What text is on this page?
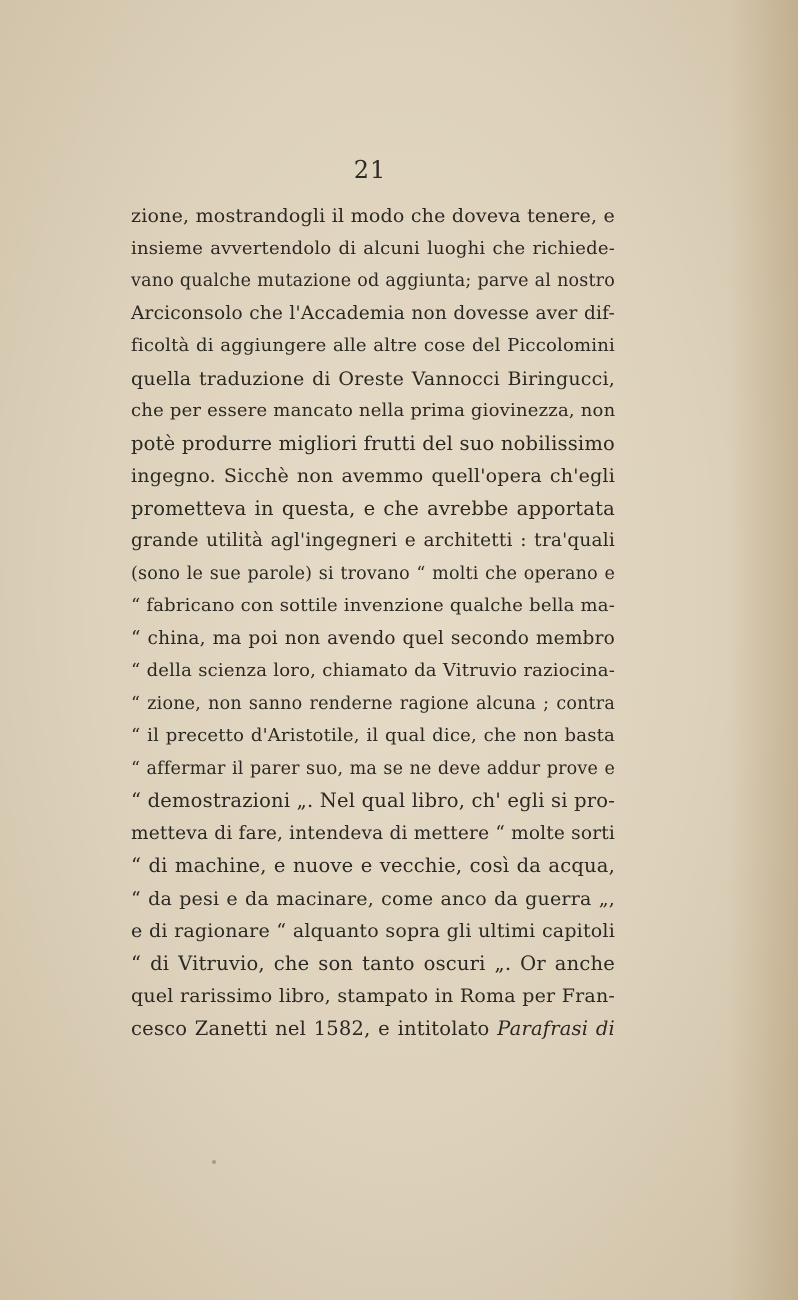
21
zione, mostrandogli il modo che doveva tenere, e
insieme avvertendolo di alcuni luoghi che richiede-
vano qualche mutazione od aggiunta; parve al nostro
Arciconsolo che l'Accademia non dovesse aver dif-
ficoltà di aggiungere alle altre cose del Piccolomini
quella traduzione di Oreste Vannocci Biringucci,
che per essere mancato nella prima giovinezza, non
potè produrre migliori frutti del suo nobilissimo
ingegno. Sicchè non avemmo quell'opera ch'egli
prometteva in questa, e che avrebbe apportata
grande utilità agl'ingegneri e architetti : tra'quali
(sono le sue parole) si trovano “ molti che operano e
“ fabricano con sottile invenzione qualche bella ma-
“ china, ma poi non avendo quel secondo membro
“ della scienza loro, chiamato da Vitruvio raziocina-
“ zione, non sanno renderne ragione alcuna ; contra
“ il precetto d'Aristotile, il qual dice, che non basta
“ affermar il parer suo, ma se ne deve addur prove e
“ demostrazioni „. Nel qual libro, ch' egli si pro-
metteva di fare, intendeva di mettere “ molte sorti
“ di machine, e nuove e vecchie, così da acqua,
“ da pesi e da macinare, come anco da guerra „,
e di ragionare “ alquanto sopra gli ultimi capitoli
“ di Vitruvio, che son tanto oscuri „. Or anche
quel rarissimo libro, stampato in Roma per Fran-
cesco Zanetti nel 1582, e intitolato Parafrasi di
